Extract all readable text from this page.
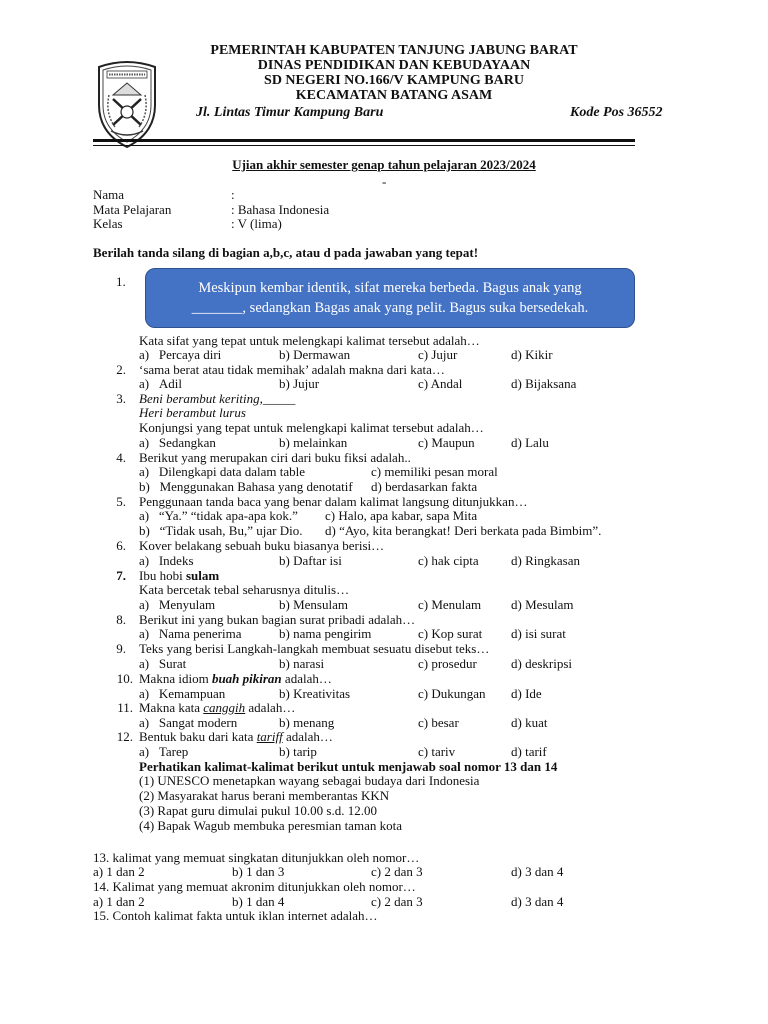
PEMERINTAH KABUPATEN TANJUNG JABUNG BARAT
DINAS PENDIDIKAN DAN KEBUDAYAAN
SD NEGERI NO.166/V KAMPUNG BARU
KECAMATAN BATANG ASAM
Jl. Lintas Timur Kampung Baru	Kode Pos 36552
Ujian akhir semester genap tahun pelajaran 2023/2024
-
Nama	:
Mata Pelajaran	: Bahasa Indonesia
Kelas	: V (lima)
Berilah tanda silang di bagian a,b,c, atau d pada jawaban yang tepat!
1.	Meskipun kembar identik, sifat mereka berbeda. Bagus anak yang
_______, sedangkan Bagas anak yang pelit. Bagus suka bersedekah.
Kata sifat yang tepat untuk melengkapi kalimat tersebut adalah…
a)   Percaya diri	b) Dermawan	c) Jujur	d) Kikir
2. ‘sama berat atau tidak memihak’ adalah makna dari kata…
a)   Adil	b) Jujur	c) Andal	d) Bijaksana
3. Beni berambut keriting,_____
Heri berambut lurus
Konjungsi yang tepat untuk melengkapi kalimat tersebut adalah…
a)   Sedangkan	b) melainkan	c) Maupun	d) Lalu
4. Berikut yang merupakan ciri dari buku fiksi adalah..
a)   Dilengkapi data dalam table	c) memiliki pesan moral
b)   Menggunakan Bahasa yang denotatif d) berdasarkan fakta
5. Penggunaan tanda baca yang benar dalam kalimat langsung ditunjukkan…
a)   “Ya.” “tidak apa-apa kok.” c) Halo, apa kabar, sapa Mita
b)   “Tidak usah, Bu,” ujar Dio. d) “Ayo, kita berangkat! Deri berkata pada Bimbim”.
6. Kover belakang sebuah buku biasanya berisi…
a)   Indeks	b) Daftar isi	c) hak cipta d) Ringkasan
7. Ibu hobi sulam
Kata bercetak tebal seharusnya ditulis…
a)   Menyulam	b) Mensulam	c) Menulam d) Mesulam
8. Berikut ini yang bukan bagian surat pribadi adalah…
a)   Nama penerima	b) nama pengirim	c) Kop surat d) isi surat
9. Teks yang berisi Langkah-langkah membuat sesuatu disebut teks…
a)   Surat	b) narasi	c) prosedur	d) deskripsi
10. Makna idiom buah pikiran adalah…
a)   Kemampuan	b) Kreativitas	c) Dukungan d) Ide
11. Makna kata canggih adalah…
a)   Sangat modern	b) menang	c) besar	d) kuat
12. Bentuk baku dari kata tariff adalah…
a)   Tarep	b) tarip	c) tariv	d) tarif
Perhatikan kalimat-kalimat berikut untuk menjawab soal nomor 13 dan 14
(1) UNESCO menetapkan wayang sebagai budaya dari Indonesia
(2) Masyarakat harus berani memberantas KKN
(3) Rapat guru dimulai pukul 10.00 s.d. 12.00
(4) Bapak Wagub membuka peresmian taman kota
13. kalimat yang memuat singkatan ditunjukkan oleh nomor…
a) 1 dan 2	b) 1 dan 3	c) 2 dan 3	d) 3 dan 4
14. Kalimat yang memuat akronim ditunjukkan oleh nomor…
a) 1 dan 2	b) 1 dan 4	c) 2 dan 3	d) 3 dan 4
15. Contoh kalimat fakta untuk iklan internet adalah…
